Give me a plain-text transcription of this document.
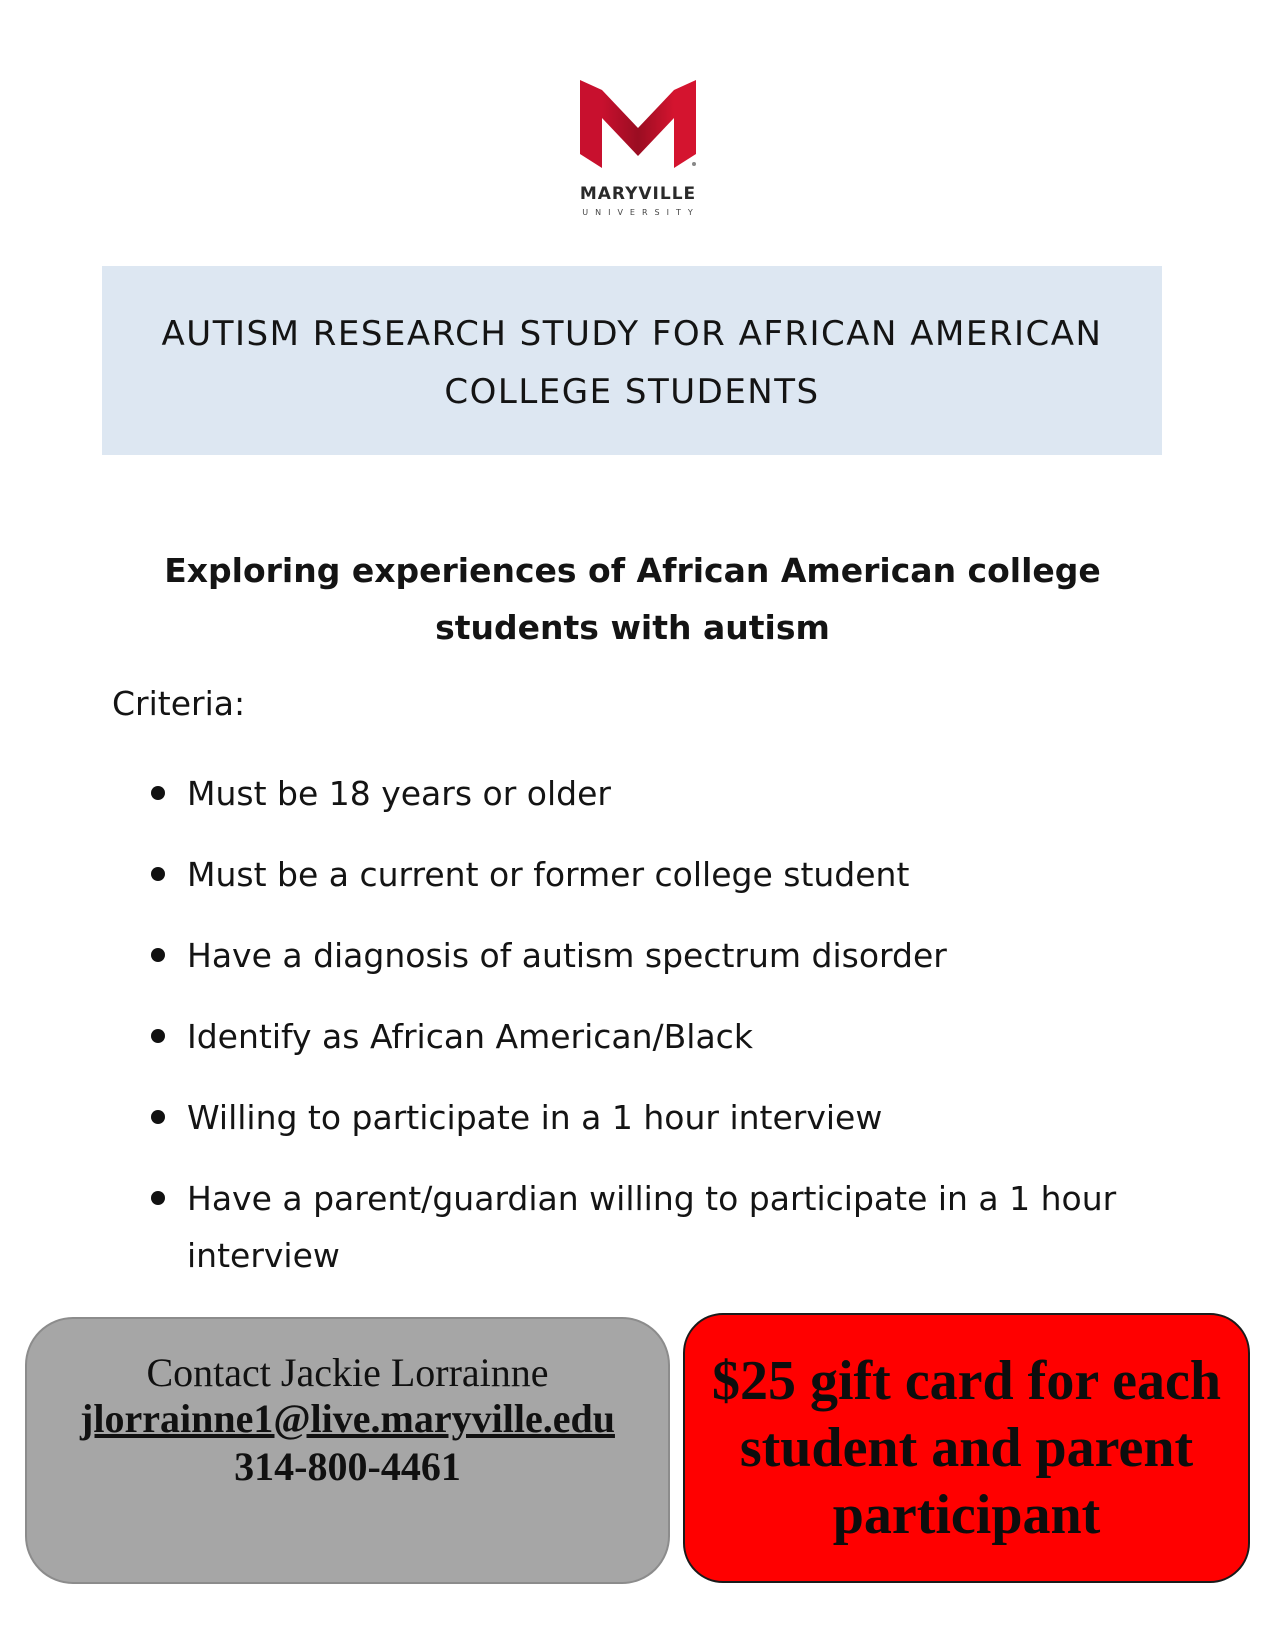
MARYVILLE
UNIVERSITY
AUTISM RESEARCH STUDY FOR AFRICAN AMERICAN COLLEGE STUDENTS
Exploring experiences of African American college students with autism
Criteria:
Must be 18 years or older
Must be a current or former college student
Have a diagnosis of autism spectrum disorder
Identify as African American/Black
Willing to participate in a 1 hour interview
Have a parent/guardian willing to participate in a 1 hour interview
Contact Jackie Lorrainne
jlorrainne1@live.maryville.edu
314-800-4461
$25 gift card for each student and parent participant
